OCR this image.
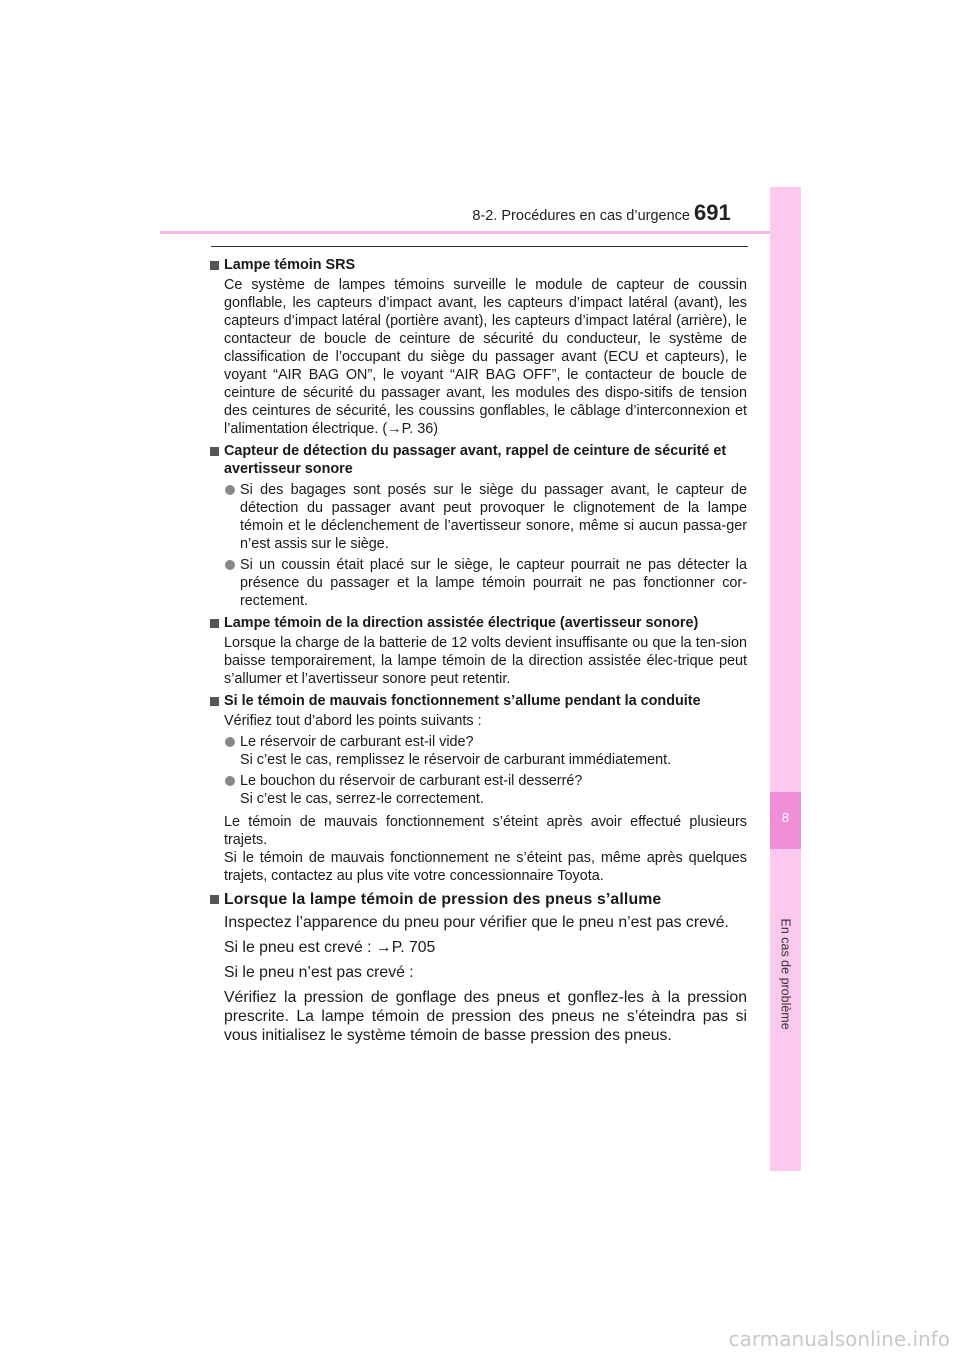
8-2. Procédures en cas d’urgence 691
8
En cas de problème
Lampe témoin SRS
Ce système de lampes témoins surveille le module de capteur de coussin gonflable, les capteurs d’impact avant, les capteurs d’impact latéral (avant), les capteurs d’impact latéral (portière avant), les capteurs d’impact latéral (arrière), le contacteur de boucle de ceinture de sécurité du conducteur, le système de classification de l’occupant du siège du passager avant (ECU et capteurs), le voyant “AIR BAG ON”, le voyant “AIR BAG OFF”, le contacteur de boucle de ceinture de sécurité du passager avant, les modules des dispo-sitifs de tension des ceintures de sécurité, les coussins gonflables, le câblage d’interconnexion et l’alimentation électrique. (→P. 36)
Capteur de détection du passager avant, rappel de ceinture de sécurité et avertisseur sonore
Si des bagages sont posés sur le siège du passager avant, le capteur de détection du passager avant peut provoquer le clignotement de la lampe témoin et le déclenchement de l’avertisseur sonore, même si aucun passa-ger n’est assis sur le siège.
Si un coussin était placé sur le siège, le capteur pourrait ne pas détecter la présence du passager et la lampe témoin pourrait ne pas fonctionner cor-rectement.
Lampe témoin de la direction assistée électrique (avertisseur sonore)
Lorsque la charge de la batterie de 12 volts devient insuffisante ou que la ten-sion baisse temporairement, la lampe témoin de la direction assistée élec-trique peut s’allumer et l’avertisseur sonore peut retentir.
Si le témoin de mauvais fonctionnement s’allume pendant la conduite
Vérifiez tout d’abord les points suivants :
Le réservoir de carburant est-il vide?
Si c’est le cas, remplissez le réservoir de carburant immédiatement.
Le bouchon du réservoir de carburant est-il desserré?
Si c’est le cas, serrez-le correctement.
Le témoin de mauvais fonctionnement s’éteint après avoir effectué plusieurs trajets.
Si le témoin de mauvais fonctionnement ne s’éteint pas, même après quelques trajets, contactez au plus vite votre concessionnaire Toyota.
Lorsque la lampe témoin de pression des pneus s’allume
Inspectez l’apparence du pneu pour vérifier que le pneu n’est pas crevé.
Si le pneu est crevé : →P. 705
Si le pneu n’est pas crevé :
Vérifiez la pression de gonflage des pneus et gonflez-les à la pression prescrite. La lampe témoin de pression des pneus ne s’éteindra pas si vous initialisez le système témoin de basse pression des pneus.
carmanualsonline.info
